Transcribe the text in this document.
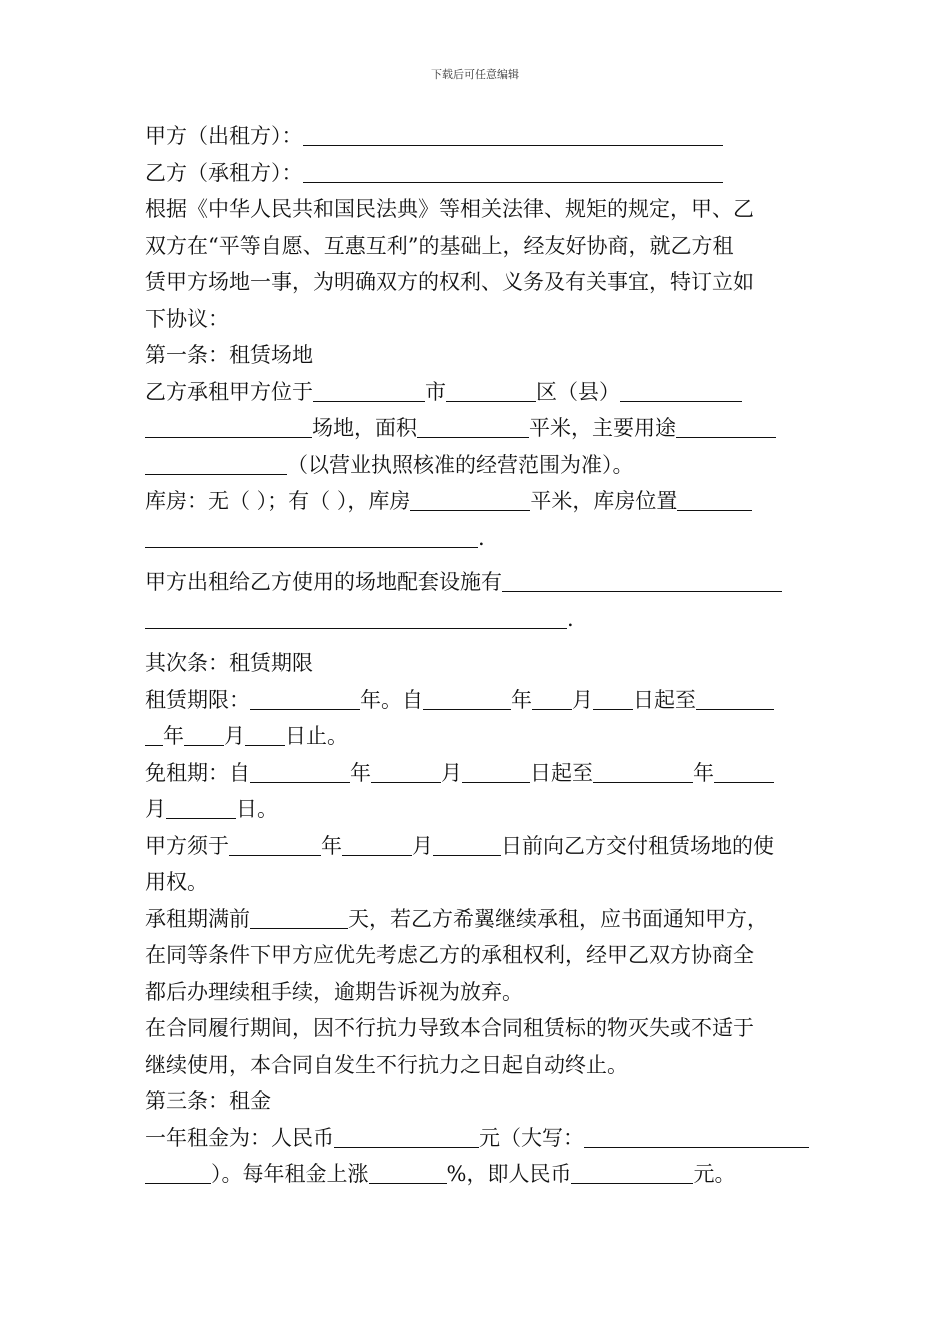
下载后可任意编辑
甲方（出租方）：
乙方（承租方）：
根据《中华人民共和国民法典》等相关法律、规矩的规定，甲、乙
双方在“平等自愿、互惠互利”的基础上，经友好协商，就乙方租
赁甲方场地一事，为明确双方的权利、义务及有关事宜，特订立如
下协议：
第一条：租赁场地
乙方承租甲方位于	市	区（县）
场地，面积	平米，主要用途
（以营业执照核准的经营范围为准）。
库房：无（ ）；有（ ），库房	平米，库房位置
.
甲方出租给乙方使用的场地配套设施有
.
其次条：租赁期限
租赁期限：	年。自	年 月 日起至
年 月 日止。
免租期：自	年	月	日起至	年
月	日。
甲方须于	年	月	日前向乙方交付租赁场地的使
用权。
承租期满前	天，若乙方希翼继续承租，应书面通知甲方，
在同等条件下甲方应优先考虑乙方的承租权利，经甲乙双方协商全
都后办理续租手续，逾期告诉视为放弃。
在合同履行期间，因不行抗力导致本合同租赁标的物灭失或不适于
继续使用，本合同自发生不行抗力之日起自动终止。
第三条：租金
一年租金为：人民币	元（大写：
）。每年租金上涨	%，即人民币	元。
